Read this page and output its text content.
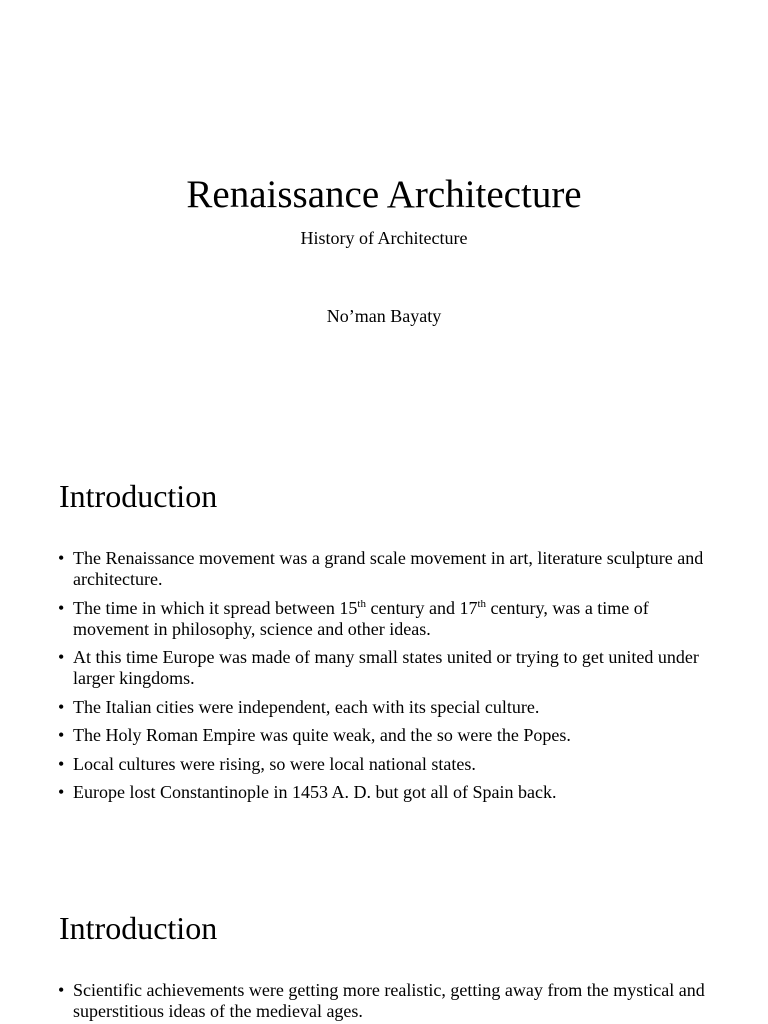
Renaissance Architecture
History of Architecture
No’man Bayaty
Introduction
• The Renaissance movement was a grand scale movement in art, literature sculpture and architecture.
• The time in which it spread between 15th century and 17th century, was a time of movement in philosophy, science and other ideas.
• At this time Europe was made of many small states united or trying to get united under larger kingdoms.
• The Italian cities were independent, each with its special culture.
• The Holy Roman Empire was quite weak, and the so were the Popes.
• Local cultures were rising, so were local national states.
• Europe lost Constantinople in 1453 A. D. but got all of Spain back.
Introduction
• Scientific achievements were getting more realistic, getting away from the mystical and superstitious ideas of the medieval ages.
